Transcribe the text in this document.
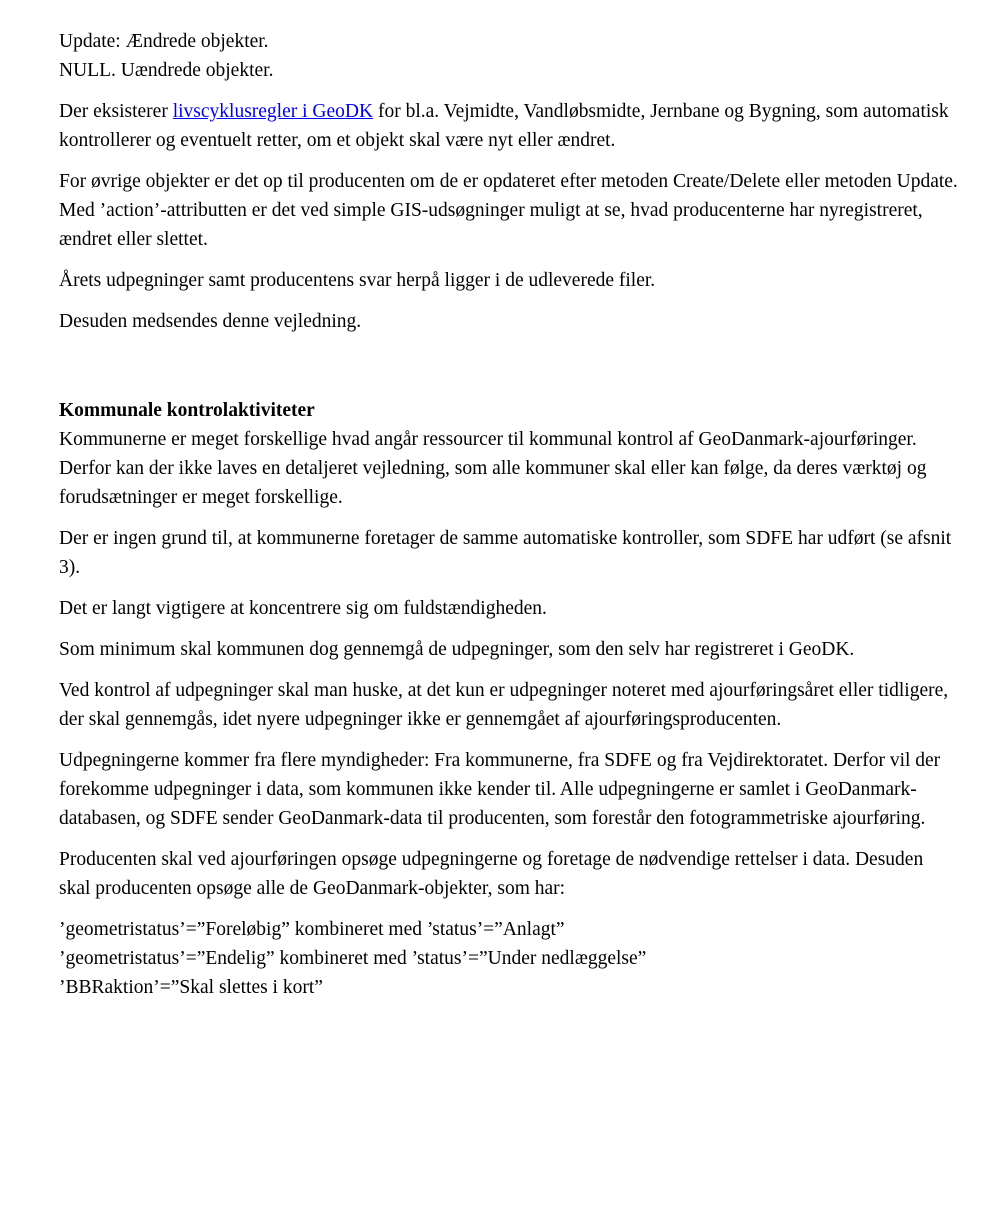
Update: Ændrede objekter.
NULL. Uændrede objekter.

Der eksisterer livscyklusregler i GeoDK for bl.a. Vejmidte, Vandløbsmidte, Jernbane og Bygning, som automatisk kontrollerer og eventuelt retter, om et objekt skal være nyt eller ændret.

For øvrige objekter er det op til producenten om de er opdateret efter metoden Create/Delete eller metoden Update. Med ’action’-attributten er det ved simple GIS-udsøgninger muligt at se, hvad producenterne har nyregistreret, ændret eller slettet.

Årets udpegninger samt producentens svar herpå ligger i de udleverede filer.

Desuden medsendes denne vejledning.

Kommunale kontrolaktiviteter

Kommunerne er meget forskellige hvad angår ressourcer til kommunal kontrol af GeoDanmark-ajourføringer.
Derfor kan der ikke laves en detaljeret vejledning, som alle kommuner skal eller kan følge, da deres værktøj og forudsætninger er meget forskellige.

Der er ingen grund til, at kommunerne foretager de samme automatiske kontroller, som SDFE har udført (se afsnit 3).

Det er langt vigtigere at koncentrere sig om fuldstændigheden.

Som minimum skal kommunen dog gennemgå de udpegninger, som den selv har registreret i GeoDK.

Ved kontrol af udpegninger skal man huske, at det kun er udpegninger noteret med ajourføringsåret eller tidligere, der skal gennemgås, idet nyere udpegninger ikke er gennemgået af ajourføringsproducenten.

Udpegningerne kommer fra flere myndigheder: Fra kommunerne, fra SDFE og fra Vejdirektoratet. Derfor vil der forekomme udpegninger i data, som kommunen ikke kender til. Alle udpegningerne er samlet i GeoDanmark-databasen, og SDFE sender GeoDanmark-data til producenten, som forestår den fotogrammetriske ajourføring.

Producenten skal ved ajourføringen opsøge udpegningerne og foretage de nødvendige rettelser i data. Desuden skal producenten opsøge alle de GeoDanmark-objekter, som har:

’geometristatus’=”Foreløbig” kombineret med ’status’=”Anlagt”
’geometristatus’=”Endelig” kombineret med ’status’=”Under nedlæggelse”
’BBRaktion’=”Skal slettes i kort”
